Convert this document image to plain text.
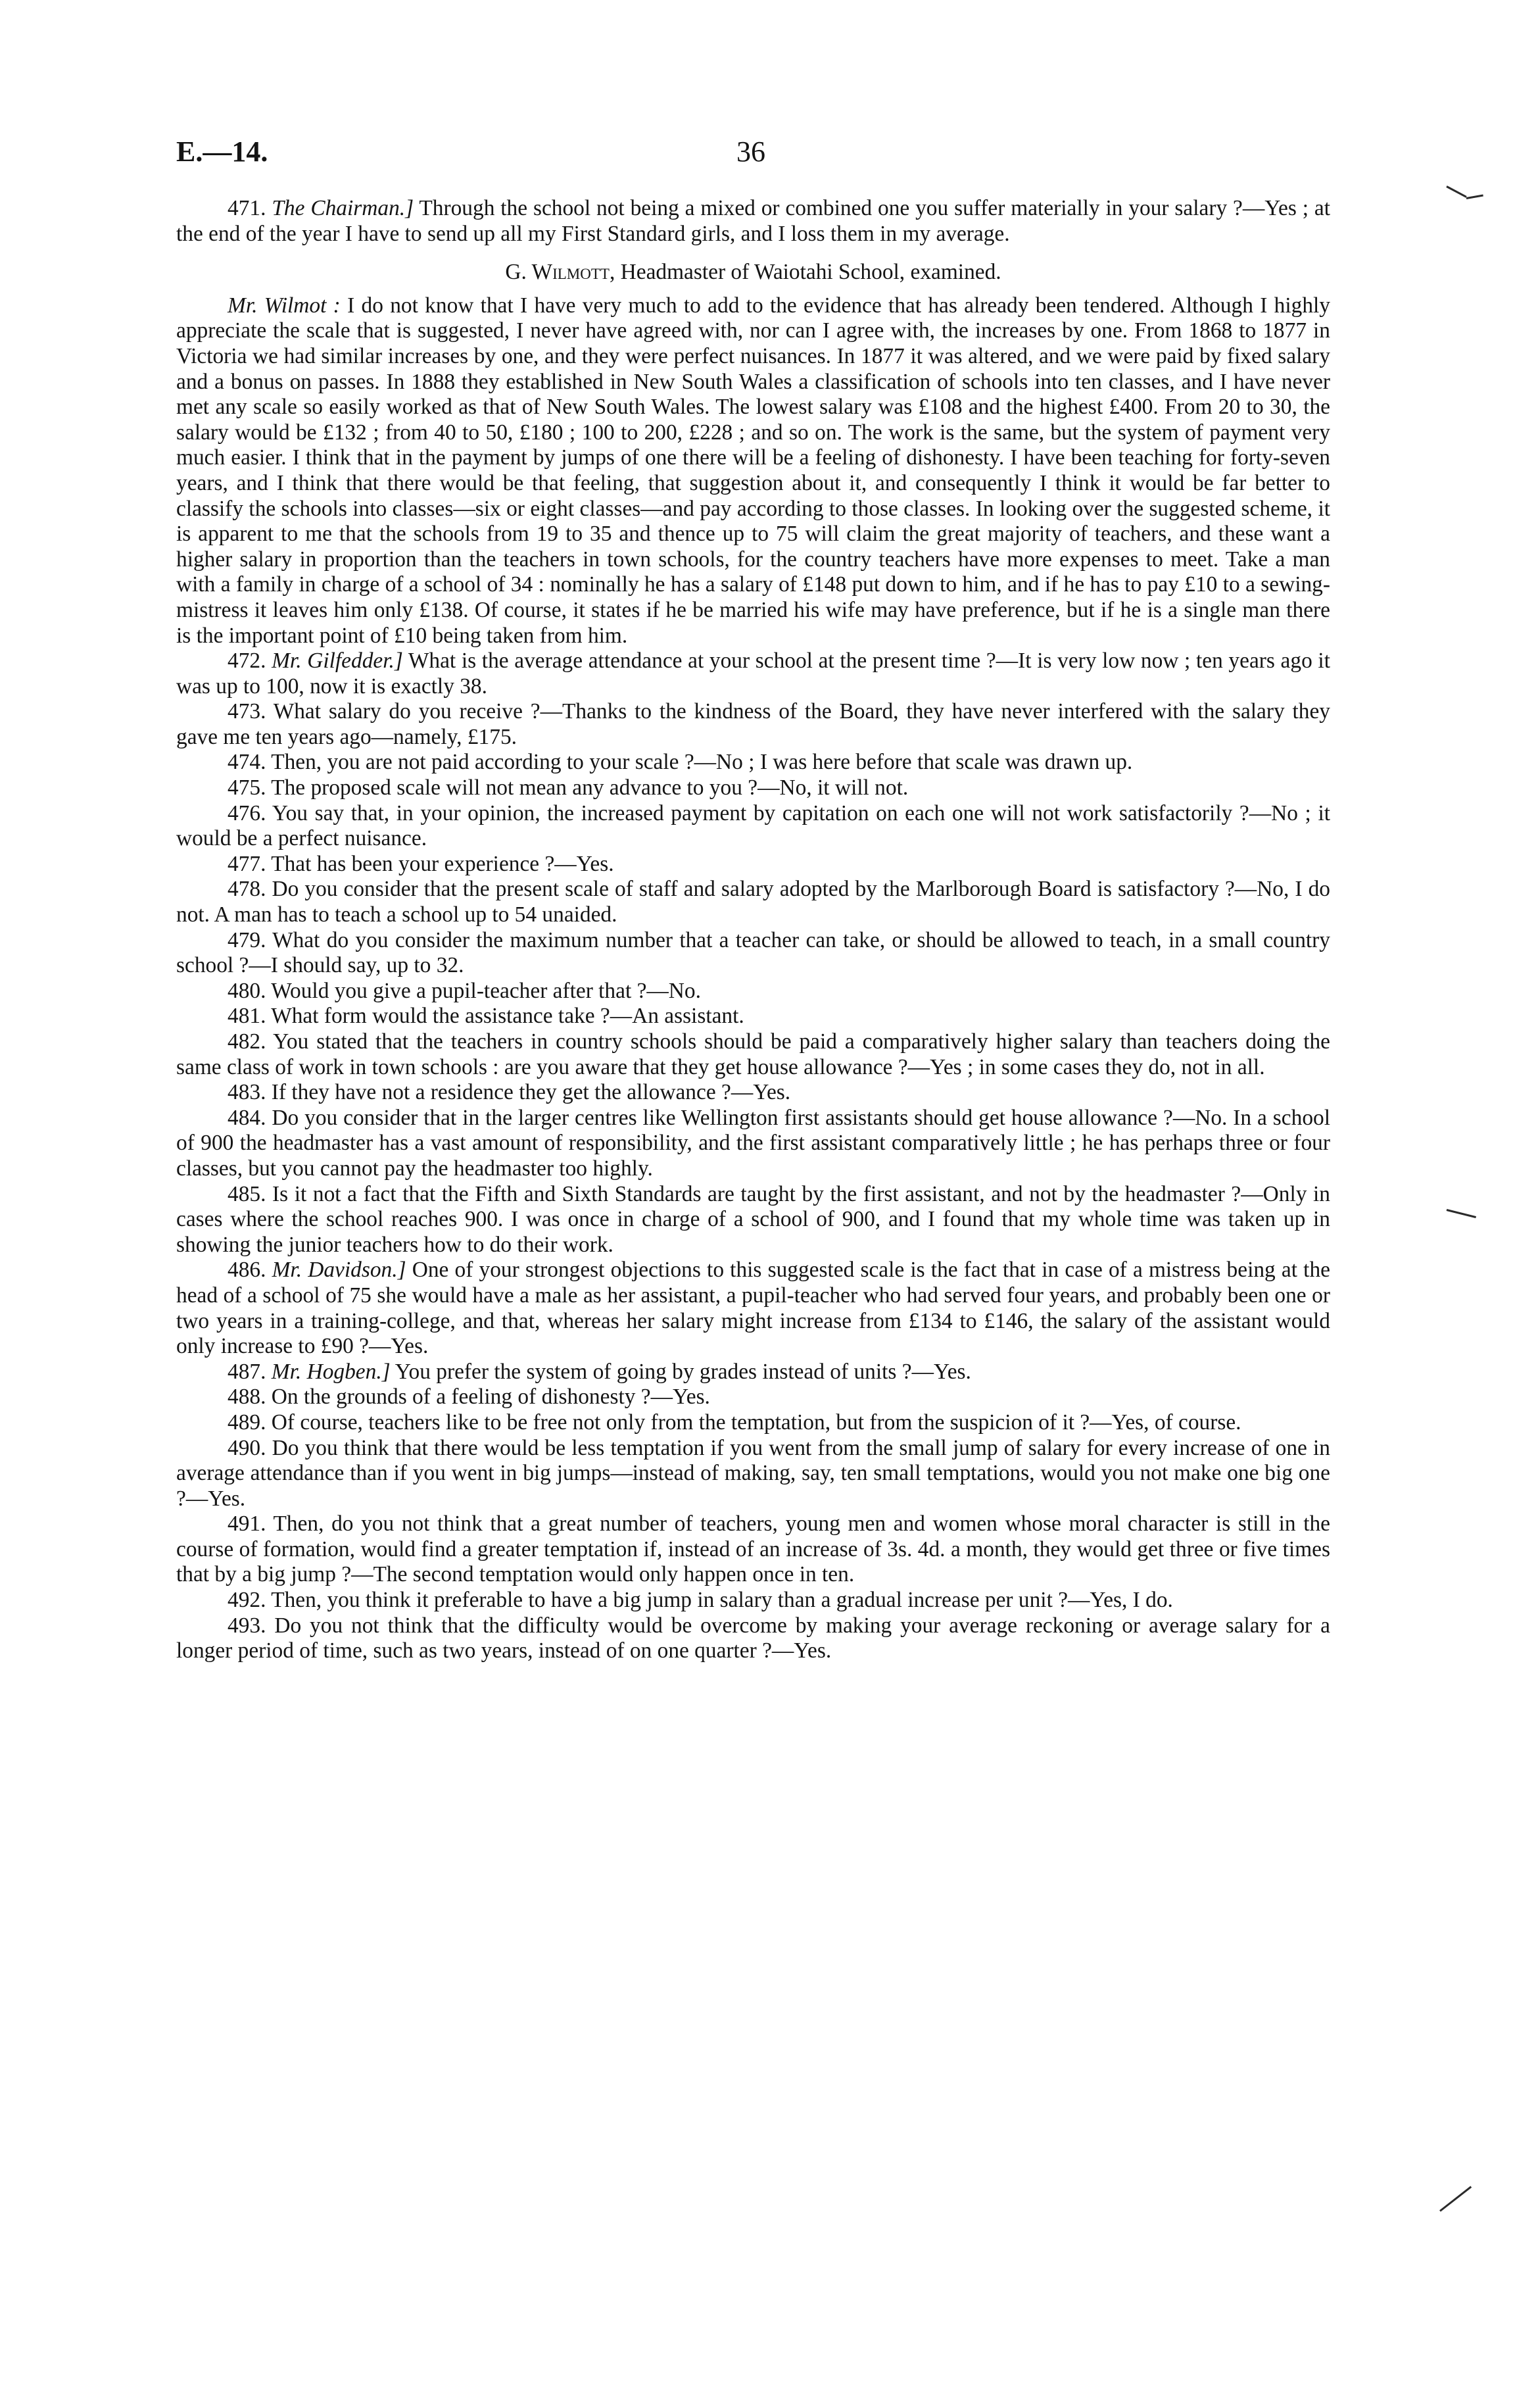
E.—14.	36

471. The Chairman.] Through the school not being a mixed or combined one you suffer materially in your salary ?—Yes ; at the end of the year I have to send up all my First Standard girls, and I loss them in my average.

G. Wilmott, Headmaster of Waiotahi School, examined.

Mr. Wilmot : I do not know that I have very much to add to the evidence that has already been tendered. Although I highly appreciate the scale that is suggested, I never have agreed with, nor can I agree with, the increases by one. From 1868 to 1877 in Victoria we had similar increases by one, and they were perfect nuisances. In 1877 it was altered, and we were paid by fixed salary and a bonus on passes. In 1888 they established in New South Wales a classification of schools into ten classes, and I have never met any scale so easily worked as that of New South Wales. The lowest salary was £108 and the highest £400. From 20 to 30, the salary would be £132 ; from 40 to 50, £180 ; 100 to 200, £228 ; and so on. The work is the same, but the system of payment very much easier. I think that in the payment by jumps of one there will be a feeling of dishonesty. I have been teaching for forty-seven years, and I think that there would be that feeling, that suggestion about it, and consequently I think it would be far better to classify the schools into classes—six or eight classes—and pay according to those classes. In looking over the suggested scheme, it is apparent to me that the schools from 19 to 35 and thence up to 75 will claim the great majority of teachers, and these want a higher salary in proportion than the teachers in town schools, for the country teachers have more expenses to meet. Take a man with a family in charge of a school of 34 : nominally he has a salary of £148 put down to him, and if he has to pay £10 to a sewing-mistress it leaves him only £138. Of course, it states if he be married his wife may have preference, but if he is a single man there is the important point of £10 being taken from him.

472. Mr. Gilfedder.] What is the average attendance at your school at the present time ?—It is very low now ; ten years ago it was up to 100, now it is exactly 38.

473. What salary do you receive ?—Thanks to the kindness of the Board, they have never interfered with the salary they gave me ten years ago—namely, £175.

474. Then, you are not paid according to your scale ?—No ; I was here before that scale was drawn up.

475. The proposed scale will not mean any advance to you ?—No, it will not.

476. You say that, in your opinion, the increased payment by capitation on each one will not work satisfactorily ?—No ; it would be a perfect nuisance.

477. That has been your experience ?—Yes.

478. Do you consider that the present scale of staff and salary adopted by the Marlborough Board is satisfactory ?—No, I do not. A man has to teach a school up to 54 unaided.

479. What do you consider the maximum number that a teacher can take, or should be allowed to teach, in a small country school ?—I should say, up to 32.

480. Would you give a pupil-teacher after that ?—No.

481. What form would the assistance take ?—An assistant.

482. You stated that the teachers in country schools should be paid a comparatively higher salary than teachers doing the same class of work in town schools : are you aware that they get house allowance ?—Yes ; in some cases they do, not in all.

483. If they have not a residence they get the allowance ?—Yes.

484. Do you consider that in the larger centres like Wellington first assistants should get house allowance ?—No. In a school of 900 the headmaster has a vast amount of responsibility, and the first assistant comparatively little ; he has perhaps three or four classes, but you cannot pay the headmaster too highly.

485. Is it not a fact that the Fifth and Sixth Standards are taught by the first assistant, and not by the headmaster ?—Only in cases where the school reaches 900. I was once in charge of a school of 900, and I found that my whole time was taken up in showing the junior teachers how to do their work.

486. Mr. Davidson.] One of your strongest objections to this suggested scale is the fact that in case of a mistress being at the head of a school of 75 she would have a male as her assistant, a pupil-teacher who had served four years, and probably been one or two years in a training-college, and that, whereas her salary might increase from £134 to £146, the salary of the assistant would only increase to £90 ?—Yes.

487. Mr. Hogben.] You prefer the system of going by grades instead of units ?—Yes.

488. On the grounds of a feeling of dishonesty ?—Yes.

489. Of course, teachers like to be free not only from the temptation, but from the suspicion of it ?—Yes, of course.

490. Do you think that there would be less temptation if you went from the small jump of salary for every increase of one in average attendance than if you went in big jumps—instead of making, say, ten small temptations, would you not make one big one ?—Yes.

491. Then, do you not think that a great number of teachers, young men and women whose moral character is still in the course of formation, would find a greater temptation if, instead of an increase of 3s. 4d. a month, they would get three or five times that by a big jump ?—The second temptation would only happen once in ten.

492. Then, you think it preferable to have a big jump in salary than a gradual increase per unit ?—Yes, I do.

493. Do you not think that the difficulty would be overcome by making your average reckoning or average salary for a longer period of time, such as two years, instead of on one quarter ?—Yes.
